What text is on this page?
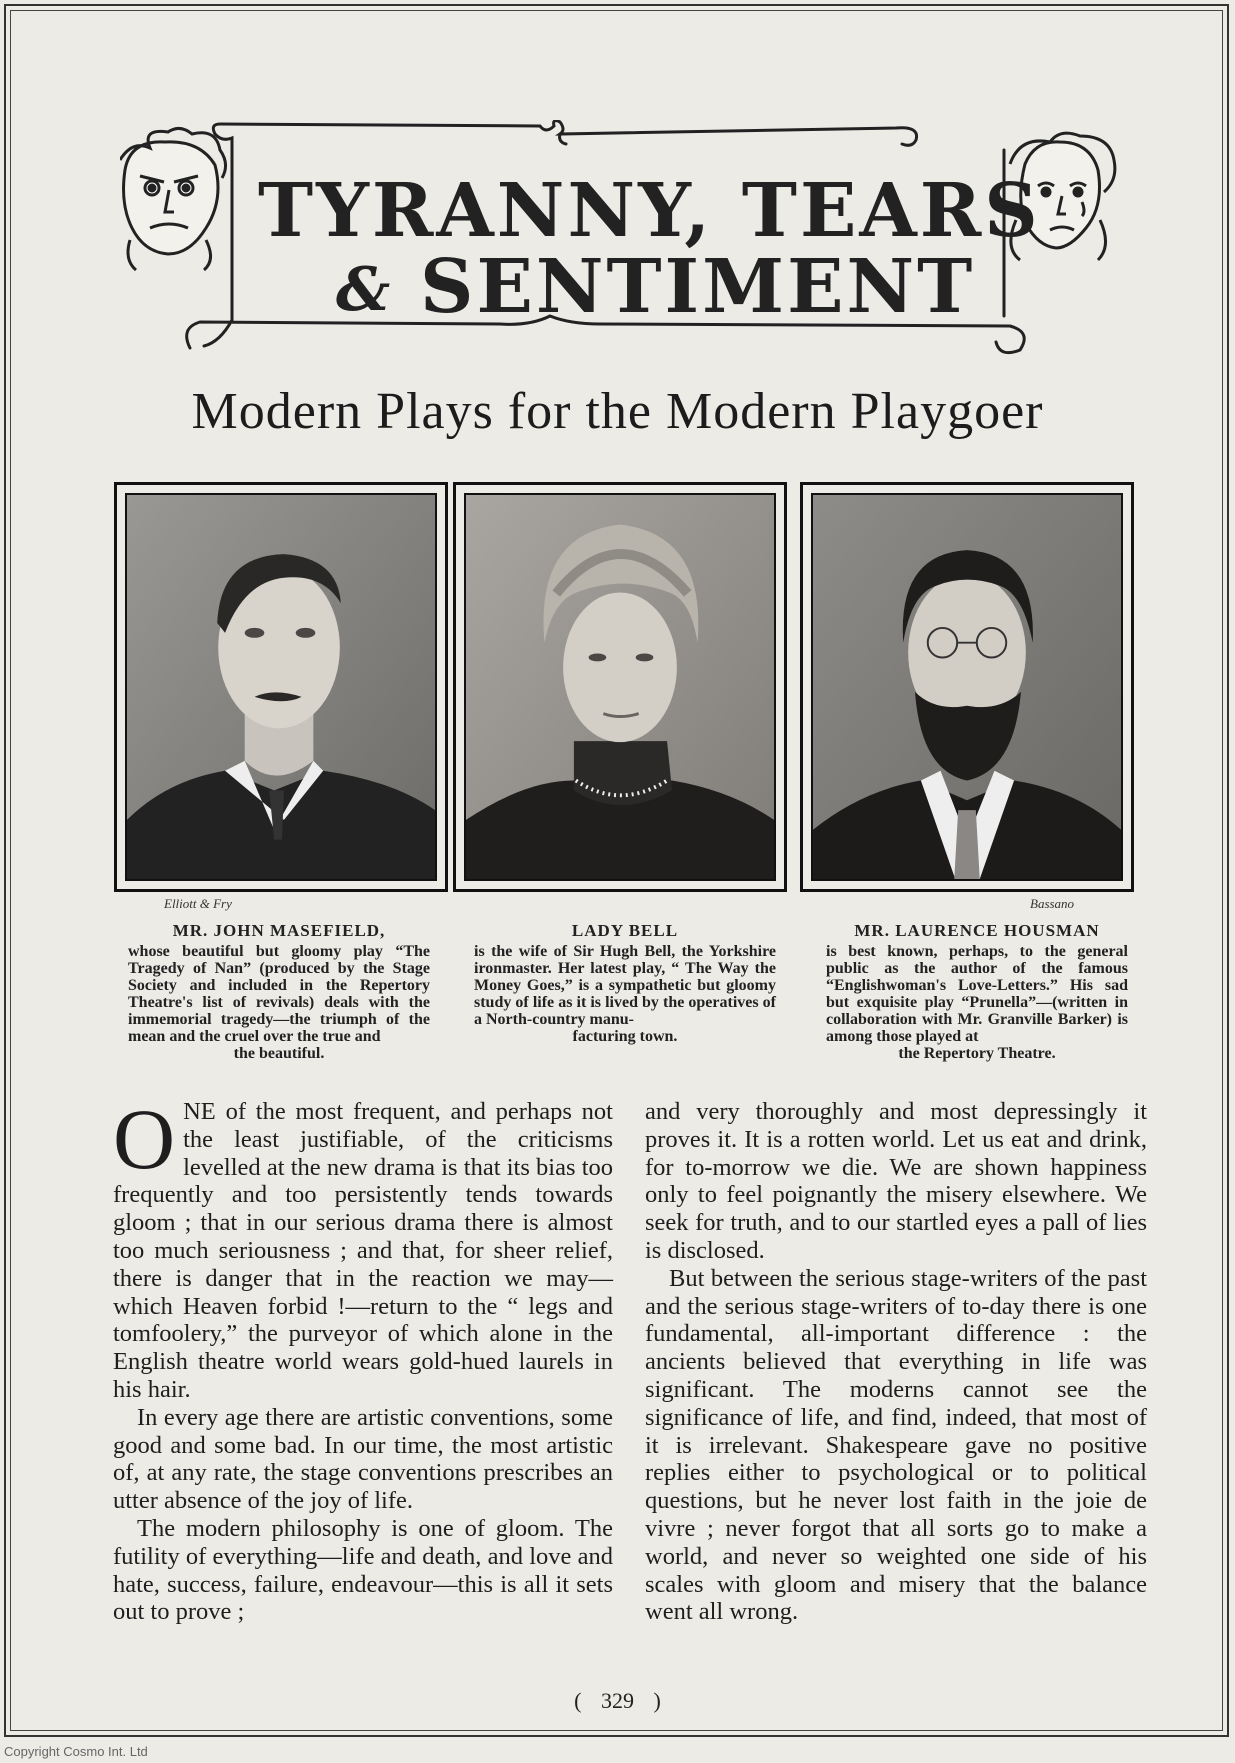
TYRANNY, TEARS
& SENTIMENT
Modern Plays for the Modern Playgoer
Elliott & Fry	Bassano
MR. JOHN MASEFIELD,
whose beautiful but gloomy play “The Tragedy of Nan” (produced by the Stage Society and included in the Repertory Theatre's list of revivals) deals with the immemorial tragedy—the triumph of the mean and the cruel over the true and
the beautiful.
LADY BELL
is the wife of Sir Hugh Bell, the Yorkshire ironmaster. Her latest play, “ The Way the Money Goes,” is a sympathetic but gloomy study of life as it is lived by the operatives of a North-country manu-
facturing town.
MR. LAURENCE HOUSMAN
is best known, perhaps, to the general public as the author of the famous “Englishwoman's Love-Letters.” His sad but exquisite play “Prunella”—(written in collaboration with Mr. Granville Barker) is among those played at
the Repertory Theatre.

ONE of the most frequent, and perhaps not the least justifiable, of the criticisms levelled at the new drama is that its bias too frequently and too persistently tends towards gloom ; that in our serious drama there is almost too much seriousness ; and that, for sheer relief, there is danger that in the reaction we may—which Heaven forbid !—return to the “ legs and tomfoolery,” the purveyor of which alone in the English theatre world wears gold-hued laurels in his hair.

In every age there are artistic conventions, some good and some bad. In our time, the most artistic of, at any rate, the stage conventions prescribes an utter absence of the joy of life.

The modern philosophy is one of gloom. The futility of everything—life and death, and love and hate, success, failure, endeavour—this is all it sets out to prove ;

and very thoroughly and most depressingly it proves it. It is a rotten world. Let us eat and drink, for to-morrow we die. We are shown happiness only to feel poignantly the misery elsewhere. We seek for truth, and to our startled eyes a pall of lies is disclosed.

But between the serious stage-writers of the past and the serious stage-writers of to-day there is one fundamental, all-important difference : the ancients believed that everything in life was significant. The moderns cannot see the significance of life, and find, indeed, that most of it is irrelevant. Shakespeare gave no positive replies either to psychological or to political questions, but he never lost faith in the joie de vivre ; never forgot that all sorts go to make a world, and never so weighted one side of his scales with gloom and misery that the balance went all wrong.

( 329 )
Copyright Cosmo Int. Ltd
